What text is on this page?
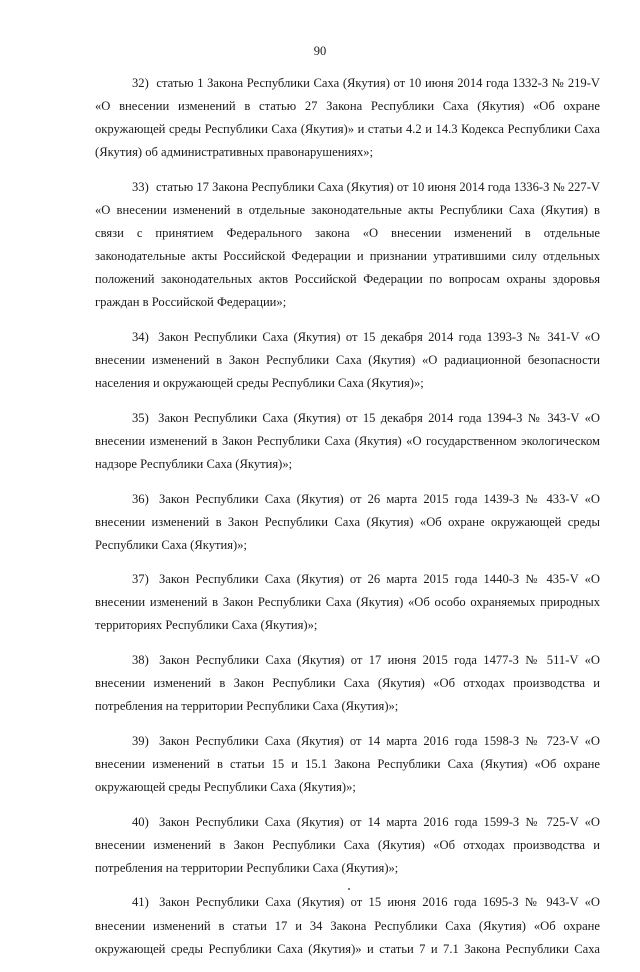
90

32) статью 1 Закона Республики Саха (Якутия) от 10 июня 2014 года 1332-З № 219-V «О внесении изменений в статью 27 Закона Республики Саха (Якутия) «Об охране окружающей среды Республики Саха (Якутия)» и статьи 4.2 и 14.3 Кодекса Республики Саха (Якутия) об административных правонарушениях»;

33) статью 17 Закона Республики Саха (Якутия) от 10 июня 2014 года 1336-З № 227-V «О внесении изменений в отдельные законодательные акты Республики Саха (Якутия) в связи с принятием Федерального закона «О внесении изменений в отдельные законодательные акты Российской Федерации и признании утратившими силу отдельных положений законодательных актов Российской Федерации по вопросам охраны здоровья граждан в Российской Федерации»;

34) Закон Республики Саха (Якутия) от 15 декабря 2014 года 1393-З № 341-V «О внесении изменений в Закон Республики Саха (Якутия) «О радиационной безопасности населения и окружающей среды Республики Саха (Якутия)»;

35) Закон Республики Саха (Якутия) от 15 декабря 2014 года 1394-З № 343-V «О внесении изменений в Закон Республики Саха (Якутия) «О государственном экологическом надзоре Республики Саха (Якутия)»;

36) Закон Республики Саха (Якутия) от 26 марта 2015 года 1439-З № 433-V «О внесении изменений в Закон Республики Саха (Якутия) «Об охране окружающей среды Республики Саха (Якутия)»;

37) Закон Республики Саха (Якутия) от 26 марта 2015 года 1440-З № 435-V «О внесении изменений в Закон Республики Саха (Якутия) «Об особо охраняемых природных территориях Республики Саха (Якутия)»;

38) Закон Республики Саха (Якутия) от 17 июня 2015 года 1477-З № 511-V «О внесении изменений в Закон Республики Саха (Якутия) «Об отходах производства и потребления на территории Республики Саха (Якутия)»;

39) Закон Республики Саха (Якутия) от 14 марта 2016 года 1598-З № 723-V «О внесении изменений в статьи 15 и 15.1 Закона Республики Саха (Якутия) «Об охране окружающей среды Республики Саха (Якутия)»;

40) Закон Республики Саха (Якутия) от 14 марта 2016 года 1599-З № 725-V «О внесении изменений в Закон Республики Саха (Якутия) «Об отходах производства и потребления на территории Республики Саха (Якутия)»;

41) Закон Республики Саха (Якутия) от 15 июня 2016 года 1695-З № 943-V «О внесении изменений в статьи 17 и 34 Закона Республики Саха (Якутия) «Об охране окружающей среды Республики Саха (Якутия)» и статьи 7 и 7.1 Закона Республики Саха
